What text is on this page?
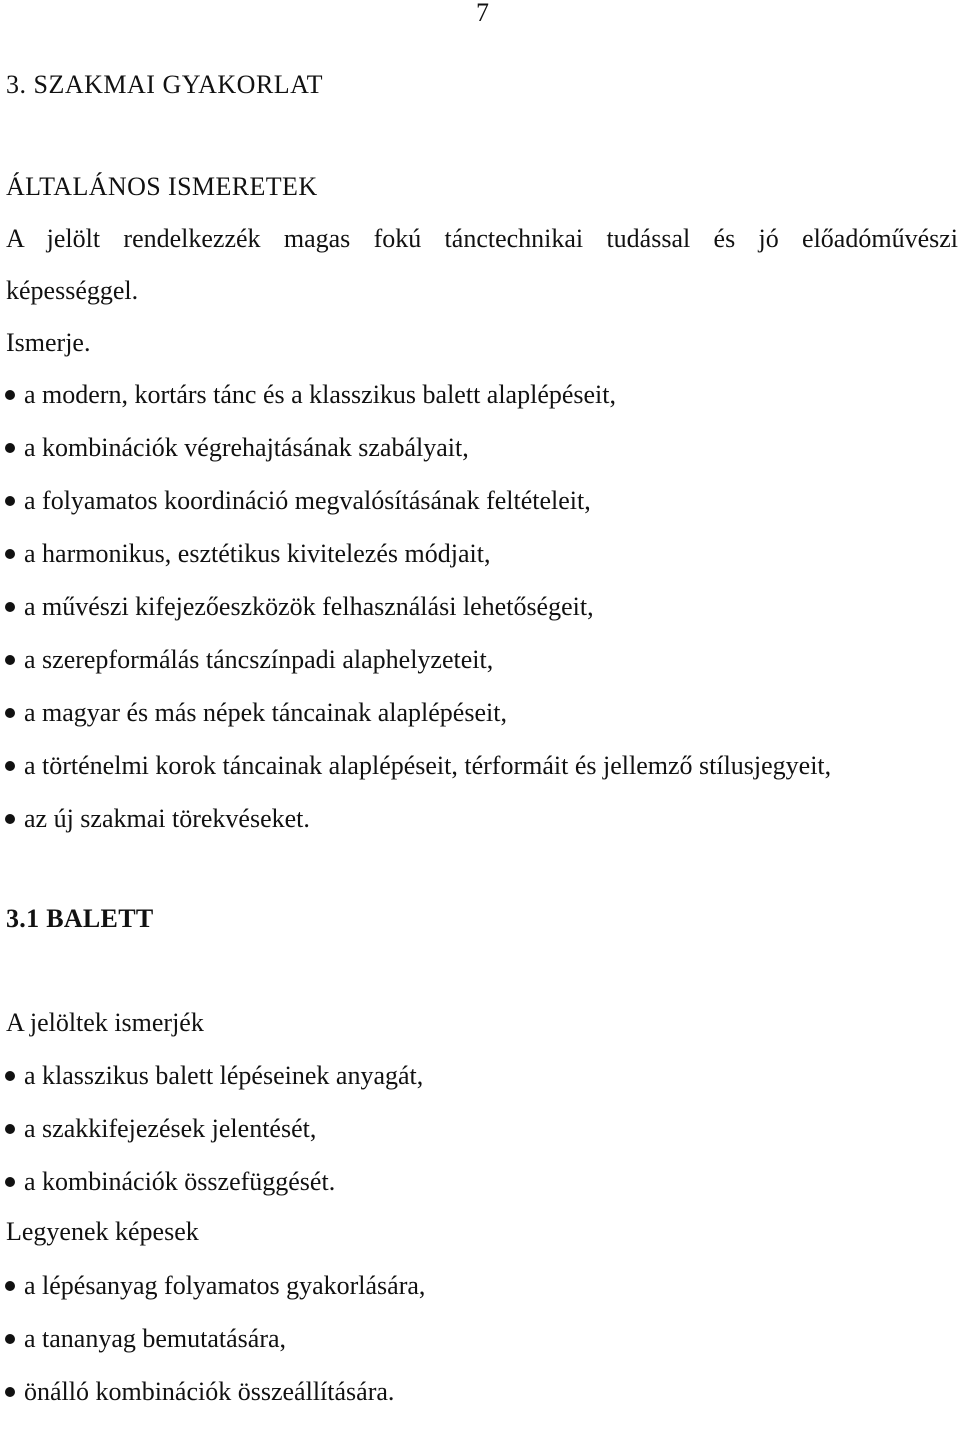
7
3. SZAKMAI GYAKORLAT
ÁLTALÁNOS ISMERETEK
A jelölt rendelkezzék magas fokú tánctechnikai tudással és jó előadóművészi
képességgel.
Ismerje.
a modern, kortárs tánc és a klasszikus balett alaplépéseit,
a kombinációk végrehajtásának szabályait,
a folyamatos koordináció megvalósításának feltételeit,
a harmonikus, esztétikus kivitelezés módjait,
a művészi kifejezőeszközök felhasználási lehetőségeit,
a szerepformálás táncszínpadi alaphelyzeteit,
a magyar és más népek táncainak alaplépéseit,
a történelmi korok táncainak alaplépéseit, térformáit és jellemző stílusjegyeit,
az új szakmai törekvéseket.
3.1 BALETT
A jelöltek ismerjék
a klasszikus balett lépéseinek anyagát,
a szakkifejezések jelentését,
a kombinációk összefüggését.
Legyenek képesek
a lépésanyag folyamatos gyakorlására,
a tananyag bemutatására,
önálló kombinációk összeállítására.
